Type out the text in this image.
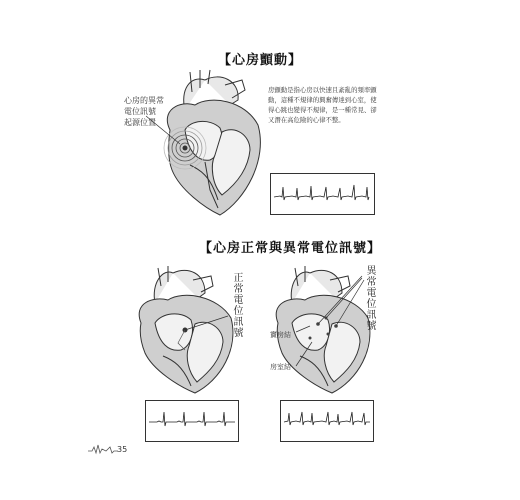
【心房顫動】
心房的異常
電位訊號
起源位置
房顫動是指心房以快速且紊亂的頻率顫
動，這種不規律的興奮傳達到心室，使
得心跳也變得不規律，是一種常見、卻
又潛在高危險的心律不整。
【心房正常與異常電位訊號】
正常電位訊號	異常電位訊號
竇房結
房室結
35
